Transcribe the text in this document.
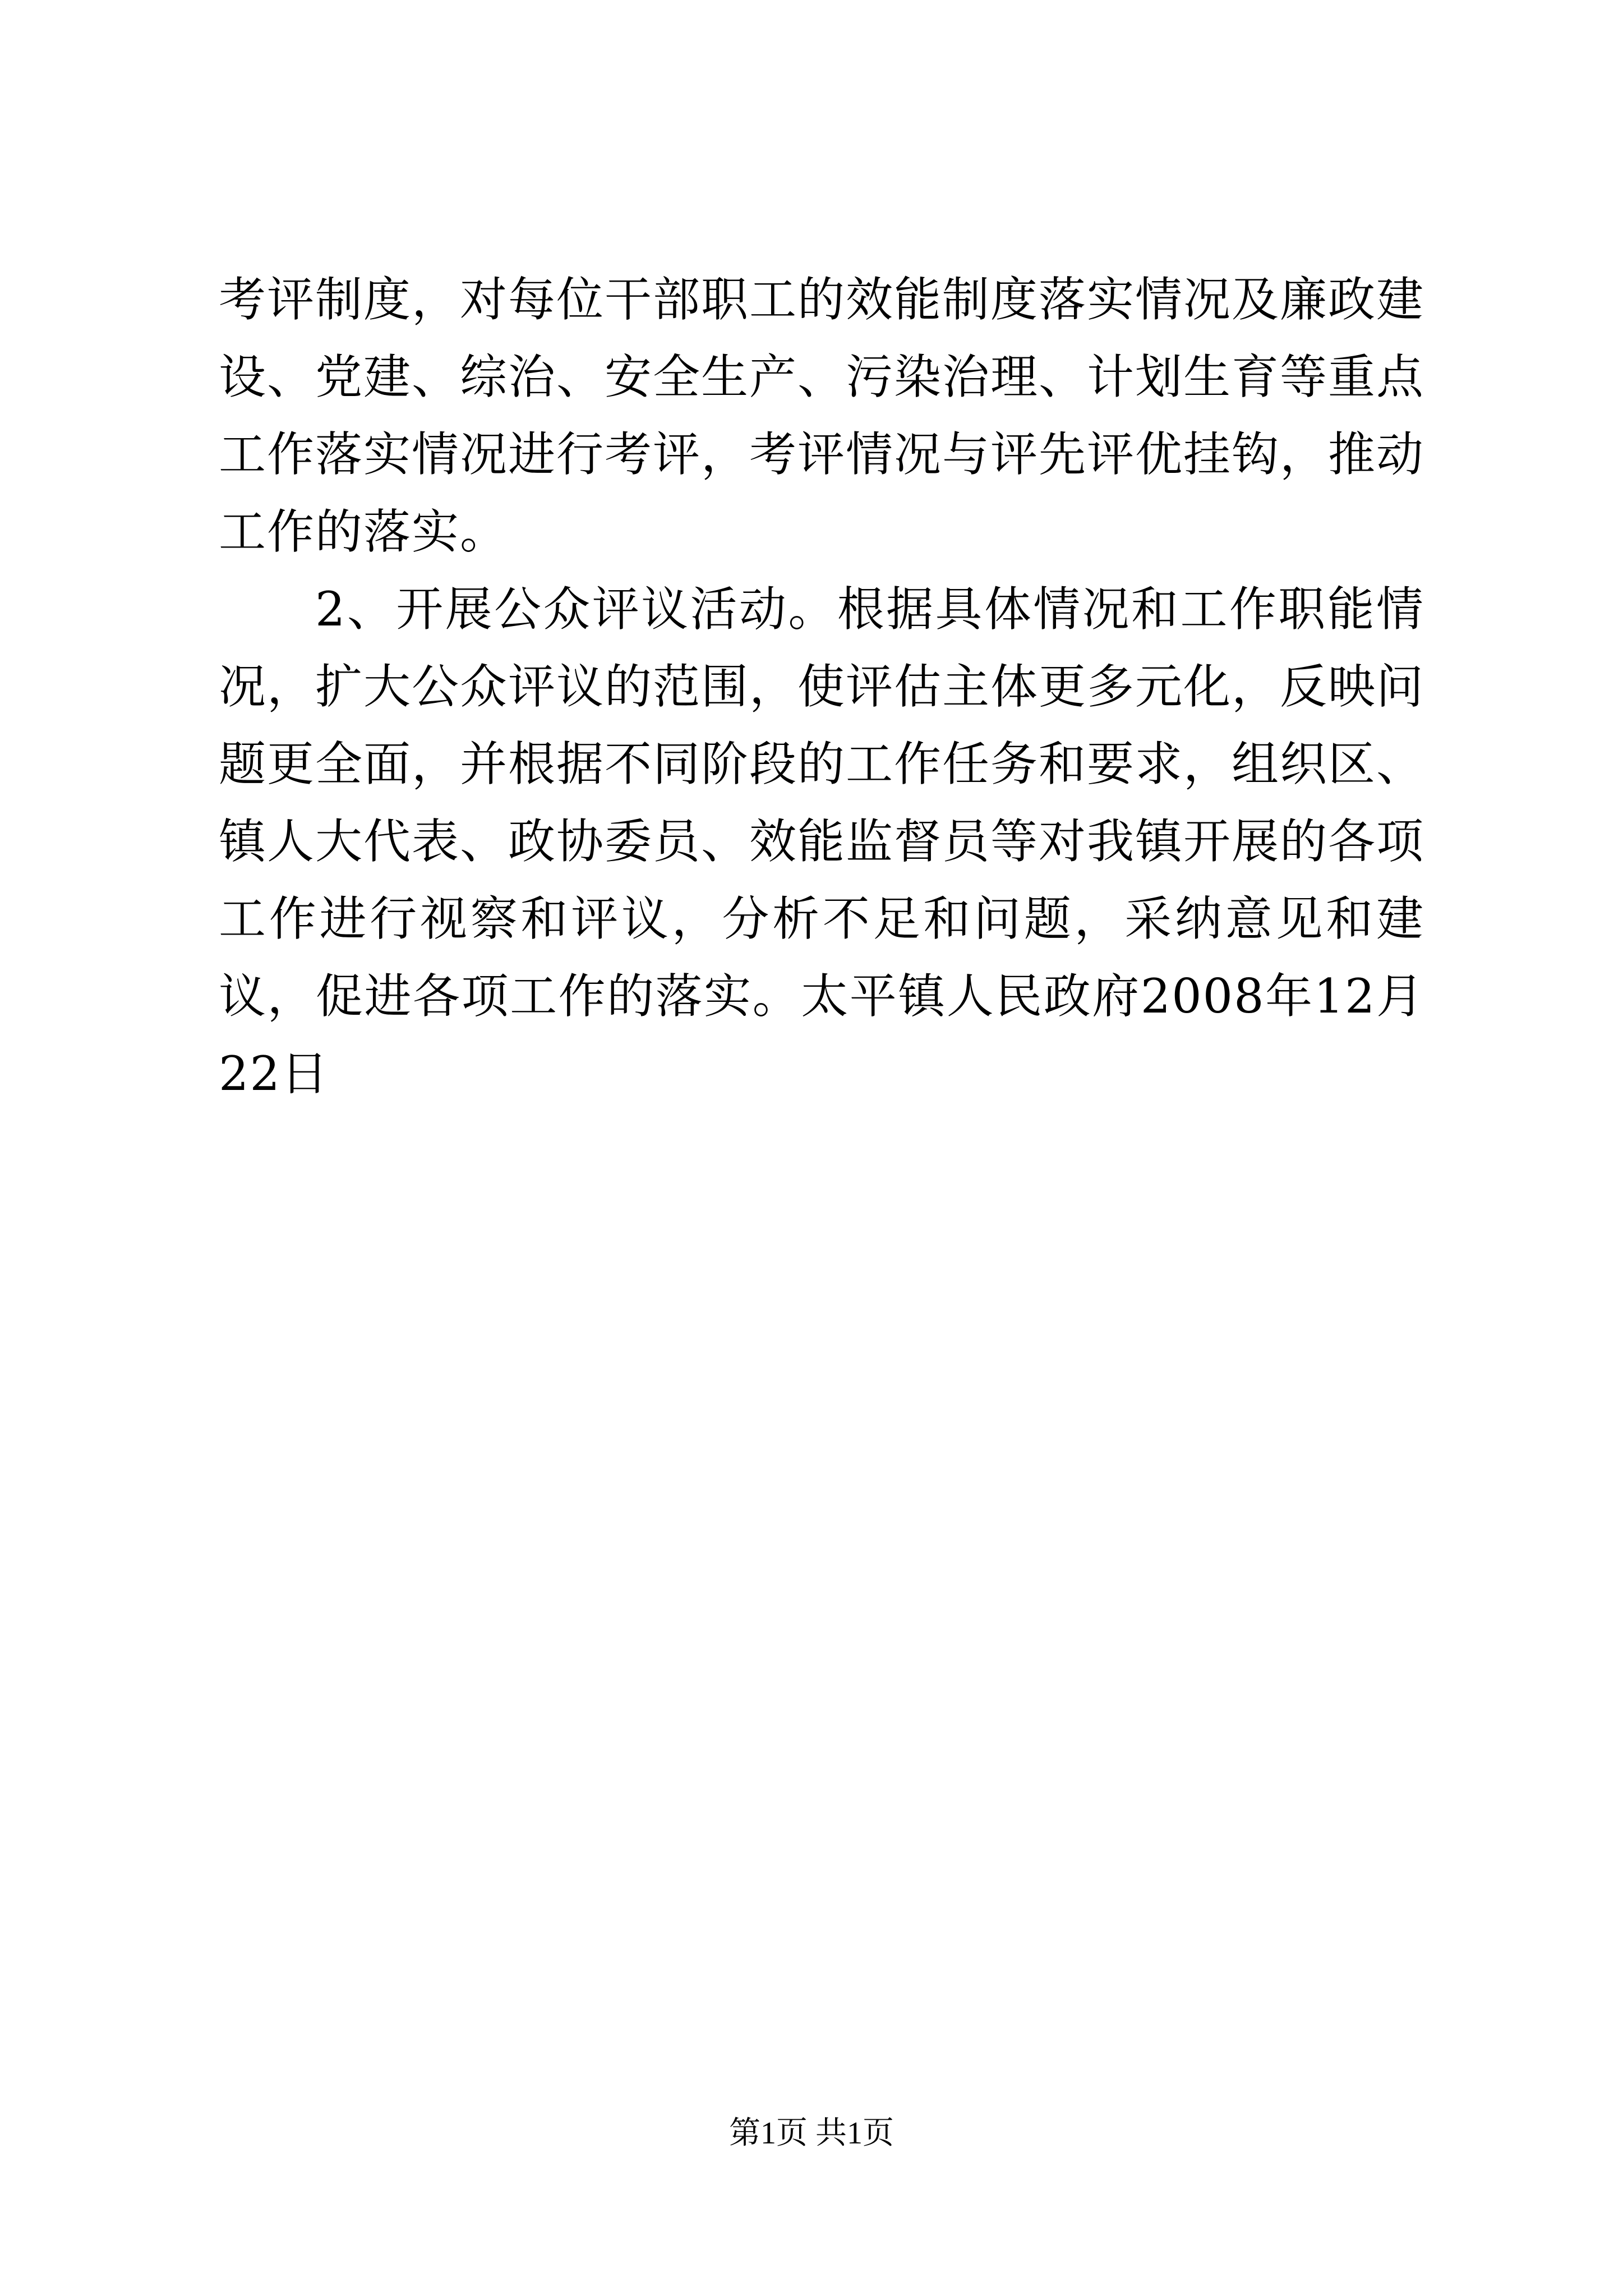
考评制度，对每位干部职工的效能制度落实情况及廉政建设、党建、综治、安全生产、污染治理、计划生育等重点工作落实情况进行考评，考评情况与评先评优挂钩，推动工作的落实。

2、开展公众评议活动。根据具体情况和工作职能情况，扩大公众评议的范围，使评估主体更多元化，反映问题更全面，并根据不同阶段的工作任务和要求，组织区、镇人大代表、政协委员、效能监督员等对我镇开展的各项工作进行视察和评议，分析不足和问题，采纳意见和建议，促进各项工作的落实。太平镇人民政府2008年12月22日

第1页 共1页
